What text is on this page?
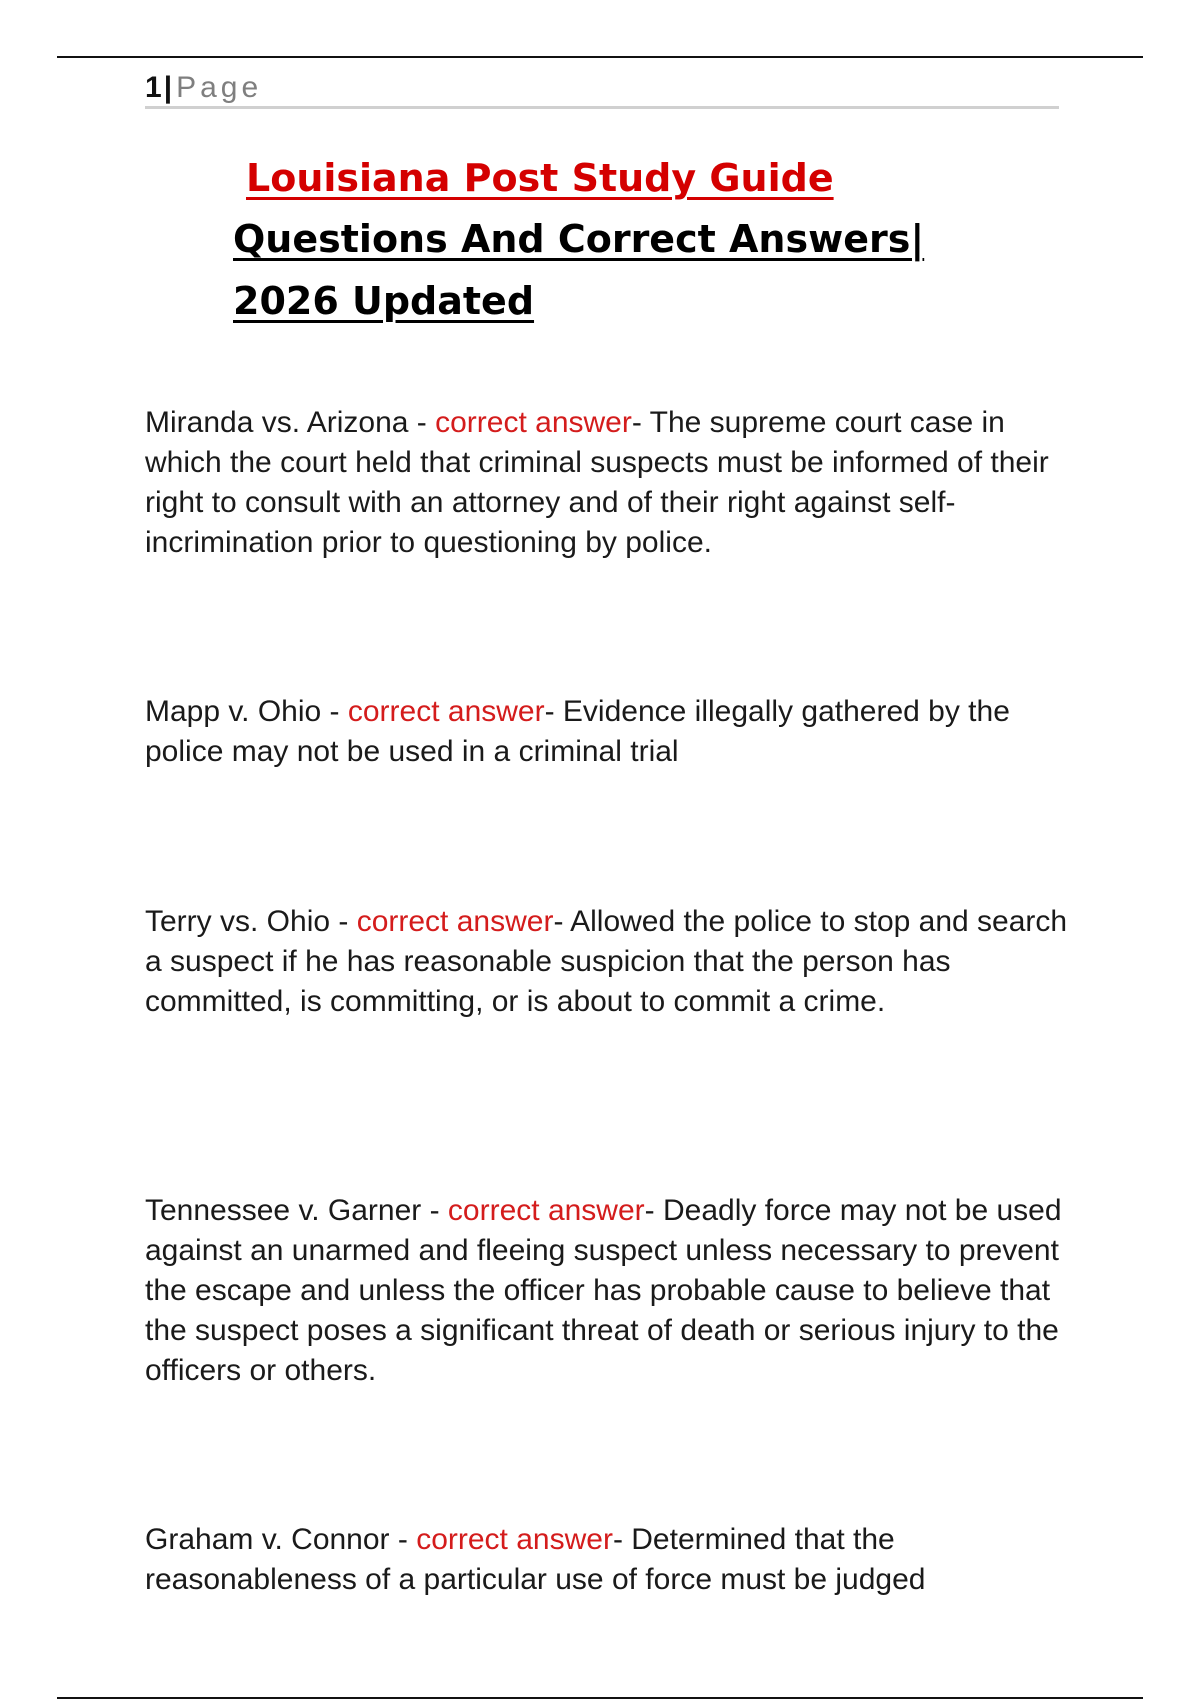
1| Page
Louisiana Post Study Guide
Questions And Correct Answers|
2026 Updated

Miranda vs. Arizona - correct answer- The supreme court case in which the court held that criminal suspects must be informed of their right to consult with an attorney and of their right against self-incrimination prior to questioning by police.

Mapp v. Ohio - correct answer- Evidence illegally gathered by the police may not be used in a criminal trial

Terry vs. Ohio - correct answer- Allowed the police to stop and search a suspect if he has reasonable suspicion that the person has committed, is committing, or is about to commit a crime.

Tennessee v. Garner - correct answer- Deadly force may not be used against an unarmed and fleeing suspect unless necessary to prevent the escape and unless the officer has probable cause to believe that the suspect poses a significant threat of death or serious injury to the officers or others.

Graham v. Connor - correct answer- Determined that the reasonableness of a particular use of force must be judged
